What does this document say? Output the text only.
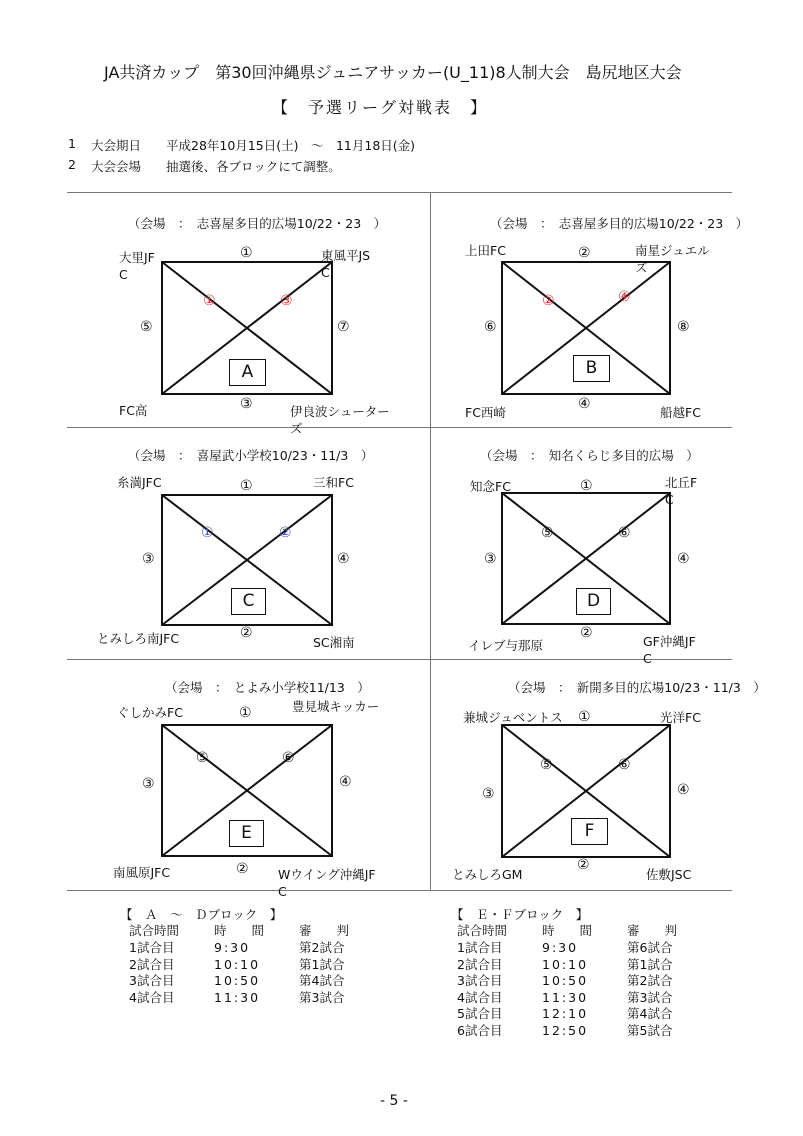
JA共済カップ　第30回沖縄県ジュニアサッカー(U_11)8人制大会　島尻地区大会
【　予選リーグ対戦表　】
1 大会期日 平成28年10月15日(土)　～　11月18日(金)
2 大会会場 抽選後、各ブロックにて調整。
（会場　：　志喜屋多目的広場10/22・23　）
A
大里JF
C
東風平JS
C
FC高	伊良波シューター
ズ
①
③
⑤	⑦
①	③
（会場　：　志喜屋多目的広場10/22・23　）
B
上田FC	南星ジュエル
ズ
FC西崎	船越FC
②
④
⑥	⑧
②	④
（会場　：　喜屋武小学校10/23・11/3　）
C
糸満JFC	三和FC
とみしろ南JFC	SC湘南
①
②
③	④
①	②
（会場　：　知名くらじ多目的広場　）
D
知念FC	北丘F
C
イレブ与那原	GF沖縄JF
C
①
②
③	④
⑤	⑥
（会場　：　とよみ小学校11/13　）
E
ぐしかみFC	豊見城キッカー
南風原JFC	Wウイング沖縄JF
C
①
②
③	④
⑤	⑥
（会場　：　新開多目的広場10/23・11/3　）
F
兼城ジュベントス	光洋FC
とみしろGM	佐敷JSC
①
②
③	④
⑤	⑥
【　Ａ　～　Ｄブロック　】
試合時間	時　　間	審　　判
1試合目	9:30	第2試合
2試合目	10:10	第1試合
3試合目	10:50	第4試合
4試合目	11:30	第3試合
【　Ｅ・Ｆブロック　】
試合時間	時　　間	審　　判
1試合目	9:30	第6試合
2試合目	10:10	第1試合
3試合目	10:50	第2試合
4試合目	11:30	第3試合
5試合目	12:10	第4試合
6試合目	12:50	第5試合
- 5 -
